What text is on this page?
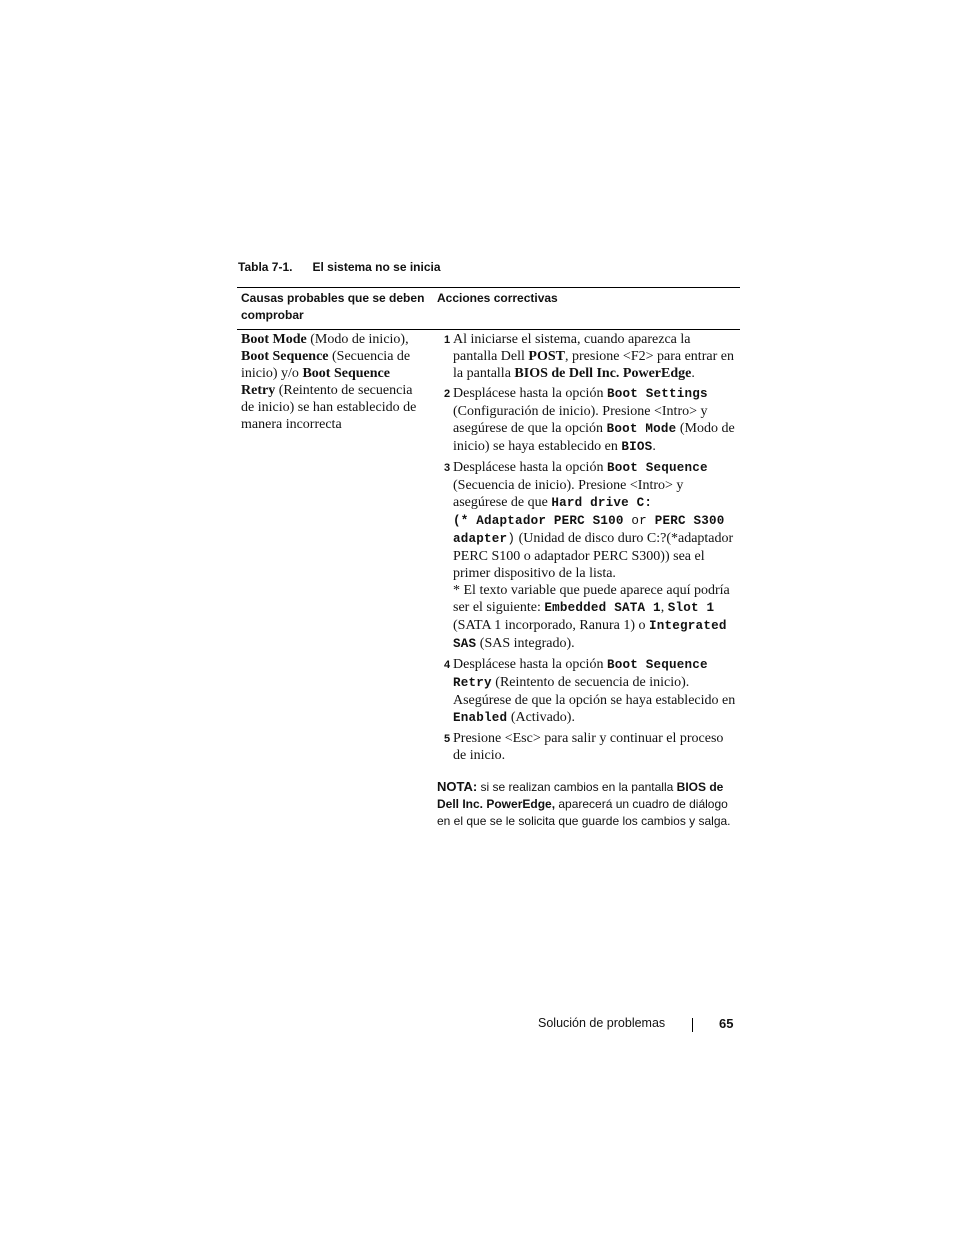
Tabla 7-1. El sistema no se inicia
Causas probables que se deben comprobar
Acciones correctivas
Boot Mode (Modo de inicio), Boot Sequence (Secuencia de inicio) y/o Boot Sequence Retry (Reintento de secuencia de inicio) se han establecido de manera incorrecta
1 Al iniciarse el sistema, cuando aparezca la pantalla Dell POST, presione <F2> para entrar en la pantalla BIOS de Dell Inc. PowerEdge.
2 Desplácese hasta la opción Boot Settings (Configuración de inicio). Presione <Intro> y asegúrese de que la opción Boot Mode (Modo de inicio) se haya establecido en BIOS.
3 Desplácese hasta la opción Boot Sequence (Secuencia de inicio). Presione <Intro> y asegúrese de que Hard drive C:
(* Adaptador PERC S100 or PERC S300 adapter) (Unidad de disco duro C:?(*adaptador PERC S100 o adaptador PERC S300)) sea el primer dispositivo de la lista.
* El texto variable que puede aparece aquí podría ser el siguiente: Embedded SATA 1, Slot 1 (SATA 1 incorporado, Ranura 1) o Integrated SAS (SAS integrado).
4 Desplácese hasta la opción Boot Sequence Retry (Reintento de secuencia de inicio). Asegúrese de que la opción se haya establecido en Enabled (Activado).
5 Presione <Esc> para salir y continuar el proceso de inicio.
NOTA: si se realizan cambios en la pantalla BIOS de Dell Inc. PowerEdge, aparecerá un cuadro de diálogo en el que se le solicita que guarde los cambios y salga.
Solución de problemas	65
